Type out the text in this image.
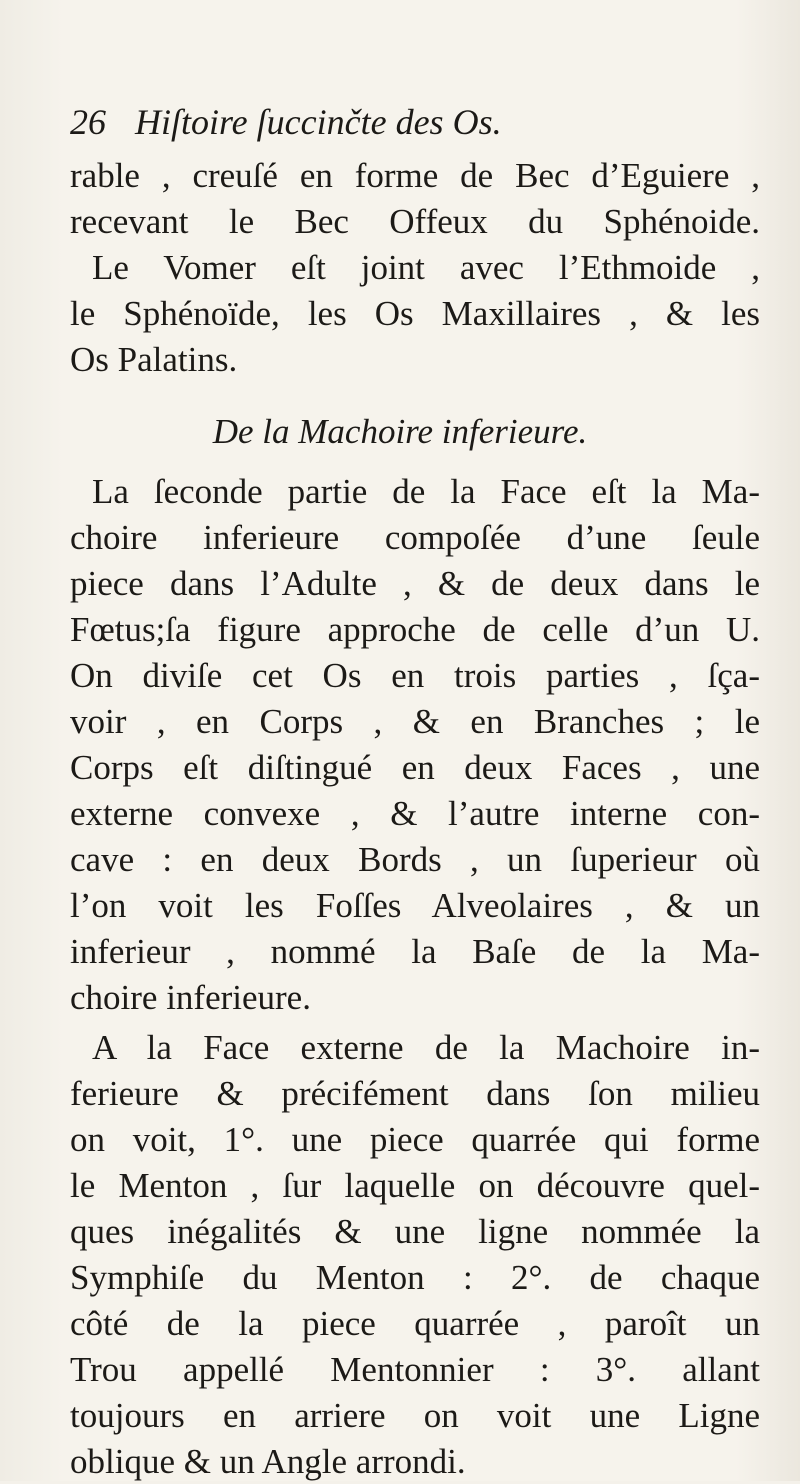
26 Hiſtoire ſuccinčte des Os.
rable , creuſé en forme de Bec d’Eguiere ,
recevant le Bec Offeux du Sphénoide.
Le Vomer eſt joint avec l’Ethmoide ,
le Sphénoïde, les Os Maxillaires , & les
Os Palatins.
De la Machoire inferieure.
La ſeconde partie de la Face eſt la Ma-
choire inferieure compoſée d’une ſeule
piece dans l’Adulte , & de deux dans le
Fœtus;ſa figure approche de celle d’un U.
On diviſe cet Os en trois parties , ſça-
voir , en Corps , & en Branches ; le
Corps eſt diſtingué en deux Faces , une
externe convexe , & l’autre interne con-
cave : en deux Bords , un ſuperieur où
l’on voit les Foſſes Alveolaires , & un
inferieur , nommé la Baſe de la Ma-
choire inferieure.
A la Face externe de la Machoire in-
ferieure & précifément dans ſon milieu
on voit, 1°. une piece quarrée qui forme
le Menton , ſur laquelle on découvre quel-
ques inégalités & une ligne nommée la
Symphiſe du Menton : 2°. de chaque
côté de la piece quarrée , paroît un
Trou appellé Mentonnier : 3°. allant
toujours en arriere on voit une Ligne
oblique & un Angle arrondi.
